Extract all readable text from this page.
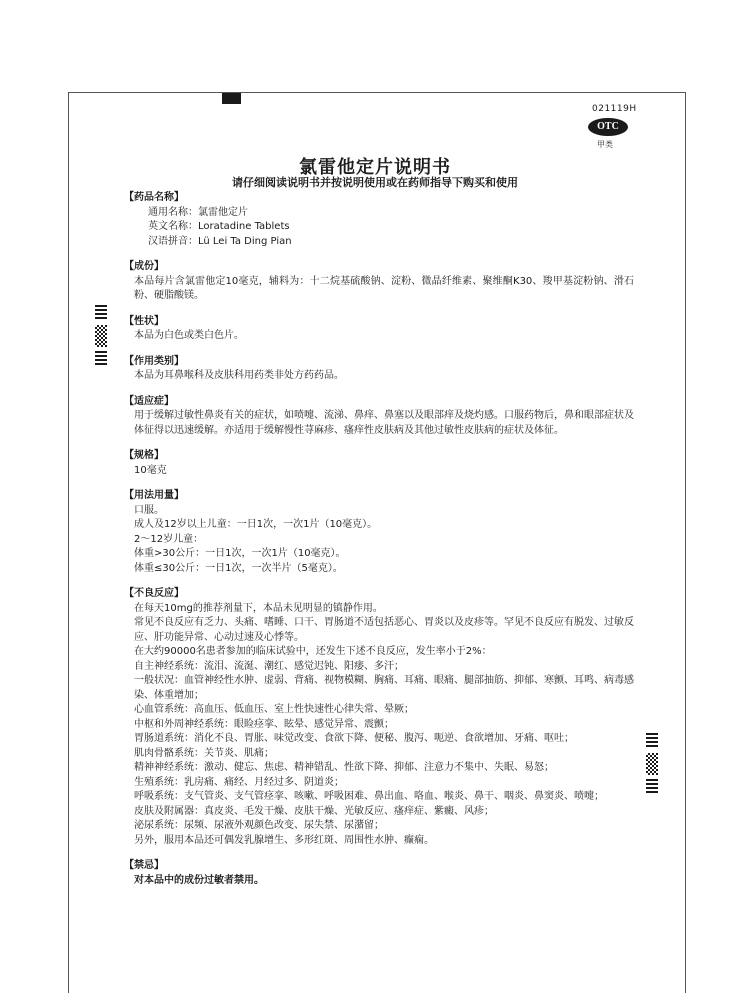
021119H
OTC
甲类
氯雷他定片说明书
请仔细阅读说明书并按说明使用或在药师指导下购买和使用
【药品名称】
通用名称：氯雷他定片
英文名称：Loratadine Tablets
汉语拼音：Lü Lei Ta Ding Pian
【成份】
本品每片含氯雷他定10毫克，辅料为：十二烷基硫酸钠、淀粉、微晶纤维素、聚维酮K30、羧甲基淀粉钠、滑石粉、硬脂酸镁。
【性状】
本品为白色或类白色片。
【作用类别】
本品为耳鼻喉科及皮肤科用药类非处方药药品。
【适应症】
用于缓解过敏性鼻炎有关的症状，如喷嚏、流涕、鼻痒、鼻塞以及眼部痒及烧灼感。口服药物后，鼻和眼部症状及体征得以迅速缓解。亦适用于缓解慢性荨麻疹、瘙痒性皮肤病及其他过敏性皮肤病的症状及体征。
【规格】
10毫克
【用法用量】
口服。
成人及12岁以上儿童：一日1次，一次1片（10毫克）。
2～12岁儿童：
体重>30公斤：一日1次，一次1片（10毫克）。
体重≤30公斤：一日1次，一次半片（5毫克）。
【不良反应】
在每天10mg的推荐剂量下，本品未见明显的镇静作用。
常见不良反应有乏力、头痛、嗜睡、口干、胃肠道不适包括恶心、胃炎以及皮疹等。罕见不良反应有脱发、过敏反应、肝功能异常、心动过速及心悸等。
在大约90000名患者参加的临床试验中，还发生下述不良反应，发生率小于2%：
自主神经系统：流泪、流涎、潮红、感觉迟钝、阳痿、多汗；
一般状况：血管神经性水肿、虚弱、背痛、视物模糊、胸痛、耳痛、眼痛、腿部抽筋、抑郁、寒颤、耳鸣、病毒感染、体重增加；
心血管系统：高血压、低血压、室上性快速性心律失常、晕厥；
中枢和外周神经系统：眼睑痉挛、眩晕、感觉异常、震颤；
胃肠道系统：消化不良、胃胀、味觉改变、食欲下降、便秘、腹泻、呃逆、食欲增加、牙痛、呕吐；
肌肉骨骼系统：关节炎、肌痛；
精神神经系统：激动、健忘、焦虑、精神错乱、性欲下降、抑郁、注意力不集中、失眠、易怒；
生殖系统：乳房痛、痛经、月经过多、阴道炎；
呼吸系统：支气管炎、支气管痉挛、咳嗽、呼吸困难、鼻出血、咯血、喉炎、鼻干、咽炎、鼻窦炎、喷嚏；
皮肤及附属器：真皮炎、毛发干燥、皮肤干燥、光敏反应、瘙痒症、紫癜、风疹；
泌尿系统：尿频、尿液外观颜色改变、尿失禁、尿潴留；
另外，服用本品还可偶发乳腺增生、多形红斑、周围性水肿、癫痫。
【禁忌】
对本品中的成份过敏者禁用。
